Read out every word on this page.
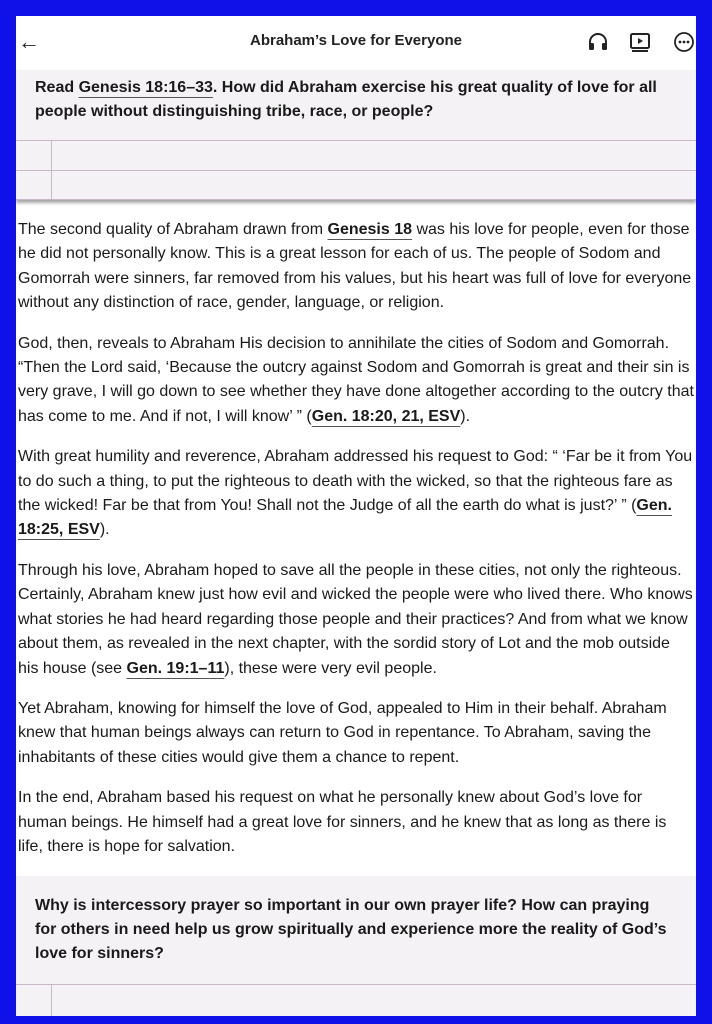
←	Abraham’s Love for Everyone
Read Genesis 18:16–33. How did Abraham exercise his great quality of love for all people without distinguishing tribe, race, or people?

The second quality of Abraham drawn from Genesis 18 was his love for people, even for those he did not personally know. This is a great lesson for each of us. The people of Sodom and Gomorrah were sinners, far removed from his values, but his heart was full of love for everyone without any distinction of race, gender, language, or religion.

God, then, reveals to Abraham His decision to annihilate the cities of Sodom and Gomorrah. “Then the Lord said, ‘Because the outcry against Sodom and Gomorrah is great and their sin is very grave, I will go down to see whether they have done altogether according to the outcry that has come to me. And if not, I will know’ ” (Gen. 18:20, 21, ESV).

With great humility and reverence, Abraham addressed his request to God: “ ‘Far be it from You to do such a thing, to put the righteous to death with the wicked, so that the righteous fare as the wicked! Far be that from You! Shall not the Judge of all the earth do what is just?’ ” (Gen. 18:25, ESV).

Through his love, Abraham hoped to save all the people in these cities, not only the righteous. Certainly, Abraham knew just how evil and wicked the people were who lived there. Who knows what stories he had heard regarding those people and their practices? And from what we know about them, as revealed in the next chapter, with the sordid story of Lot and the mob outside his house (see Gen. 19:1–11), these were very evil people.

Yet Abraham, knowing for himself the love of God, appealed to Him in their behalf. Abraham knew that human beings always can return to God in repentance. To Abraham, saving the inhabitants of these cities would give them a chance to repent.

In the end, Abraham based his request on what he personally knew about God’s love for human beings. He himself had a great love for sinners, and he knew that as long as there is life, there is hope for salvation.

Why is intercessory prayer so important in our own prayer life? How can praying for others in need help us grow spiritually and experience more the reality of God’s love for sinners?
